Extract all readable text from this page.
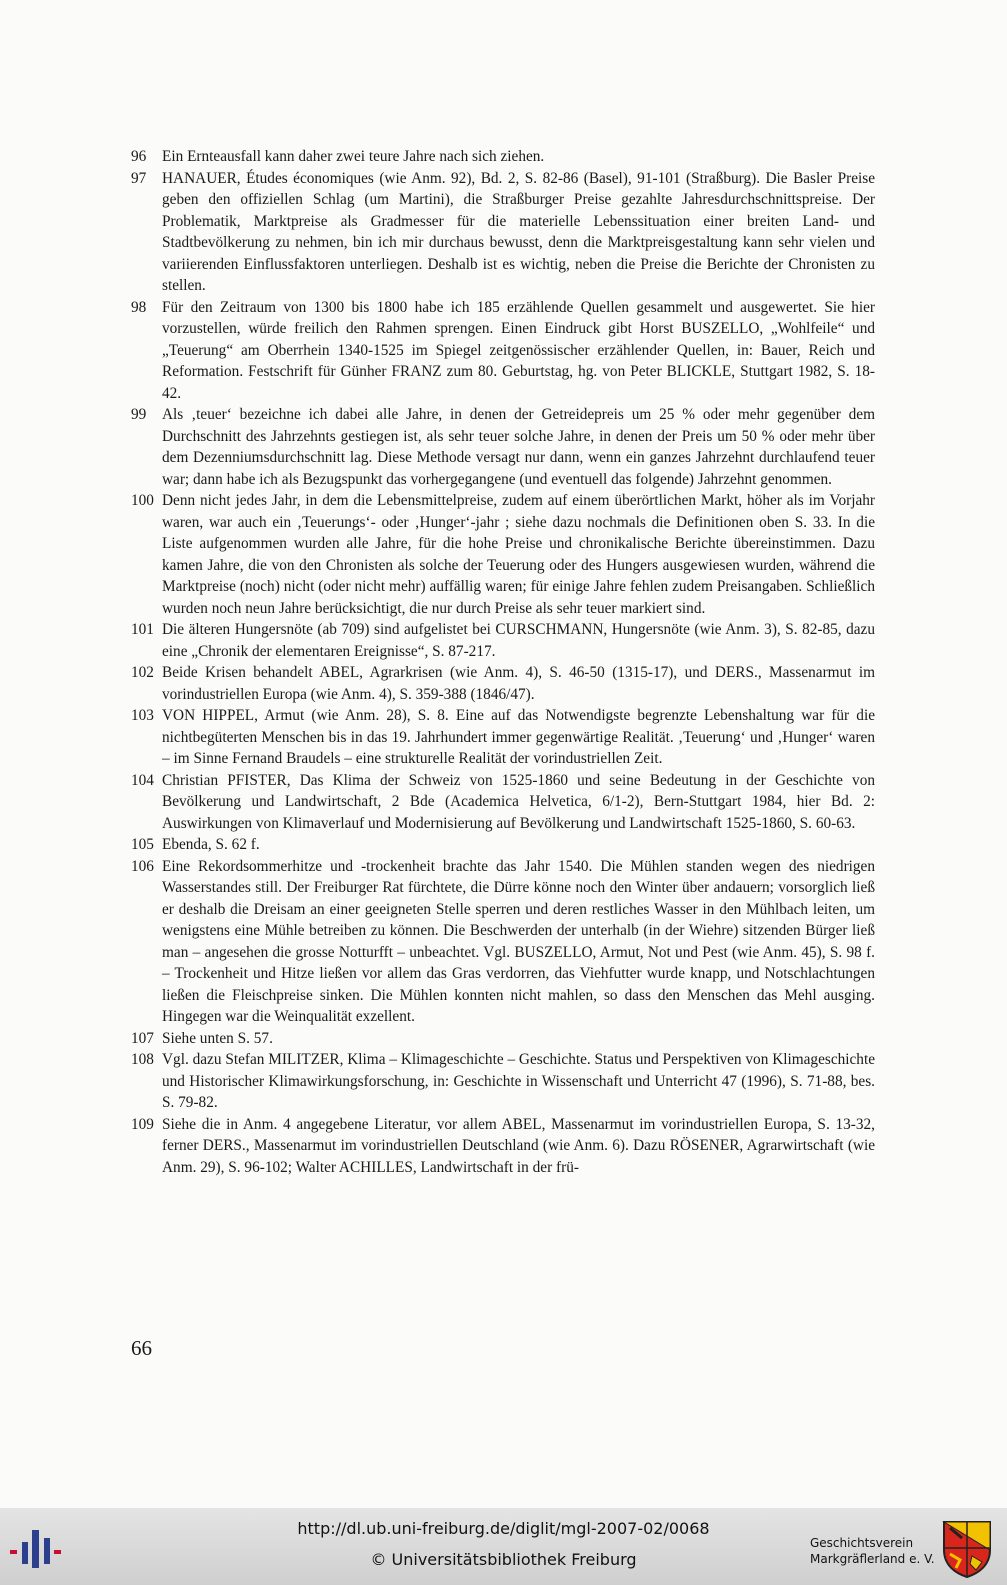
96	Ein Ernteausfall kann daher zwei teure Jahre nach sich ziehen.
97	HANAUER, Études économiques (wie Anm. 92), Bd. 2, S. 82-86 (Basel), 91-101 (Straßburg). Die Basler Preise geben den offiziellen Schlag (um Martini), die Straßburger Preise gezahlte Jahresdurchschnittspreise. Der Problematik, Marktpreise als Gradmesser für die materielle Lebenssituation einer breiten Land- und Stadtbevölkerung zu nehmen, bin ich mir durchaus bewusst, denn die Marktpreisgestaltung kann sehr vielen und variierenden Einflussfaktoren unterliegen. Deshalb ist es wichtig, neben die Preise die Berichte der Chronisten zu stellen.
98	Für den Zeitraum von 1300 bis 1800 habe ich 185 erzählende Quellen gesammelt und ausgewertet. Sie hier vorzustellen, würde freilich den Rahmen sprengen. Einen Eindruck gibt Horst BUSZELLO, „Wohlfeile“ und „Teuerung“ am Oberrhein 1340-1525 im Spiegel zeitgenössischer erzählender Quellen, in: Bauer, Reich und Reformation. Festschrift für Günher FRANZ zum 80. Geburtstag, hg. von Peter BLICKLE, Stuttgart 1982, S. 18-42.
99	Als ‚teuer‘ bezeichne ich dabei alle Jahre, in denen der Getreidepreis um 25 % oder mehr gegenüber dem Durchschnitt des Jahrzehnts gestiegen ist, als sehr teuer solche Jahre, in denen der Preis um 50 % oder mehr über dem Dezenniumsdurchschnitt lag. Diese Methode versagt nur dann, wenn ein ganzes Jahrzehnt durchlaufend teuer war; dann habe ich als Bezugspunkt das vorhergegangene (und eventuell das folgende) Jahrzehnt genommen.
100 Denn nicht jedes Jahr, in dem die Lebensmittelpreise, zudem auf einem überörtlichen Markt, höher als im Vorjahr waren, war auch ein ‚Teuerungs‘- oder ‚Hunger‘-jahr ; siehe dazu nochmals die Definitionen oben S. 33. In die Liste aufgenommen wurden alle Jahre, für die hohe Preise und chronikalische Berichte übereinstimmen. Dazu kamen Jahre, die von den Chronisten als solche der Teuerung oder des Hungers ausgewiesen wurden, während die Marktpreise (noch) nicht (oder nicht mehr) auffällig waren; für einige Jahre fehlen zudem Preisangaben. Schließlich wurden noch neun Jahre berücksichtigt, die nur durch Preise als sehr teuer markiert sind.
101 Die älteren Hungersnöte (ab 709) sind aufgelistet bei CURSCHMANN, Hungersnöte (wie Anm. 3), S. 82-85, dazu eine „Chronik der elementaren Ereignisse“, S. 87-217.
102 Beide Krisen behandelt ABEL, Agrarkrisen (wie Anm. 4), S. 46-50 (1315-17), und DERS., Massenarmut im vorindustriellen Europa (wie Anm. 4), S. 359-388 (1846/47).
103 VON HIPPEL, Armut (wie Anm. 28), S. 8. Eine auf das Notwendigste begrenzte Lebenshaltung war für die nichtbegüterten Menschen bis in das 19. Jahrhundert immer gegenwärtige Realität. ‚Teuerung‘ und ‚Hunger‘ waren – im Sinne Fernand Braudels – eine strukturelle Realität der vorindustriellen Zeit.
104 Christian PFISTER, Das Klima der Schweiz von 1525-1860 und seine Bedeutung in der Geschichte von Bevölkerung und Landwirtschaft, 2 Bde (Academica Helvetica, 6/1-2), Bern-Stuttgart 1984, hier Bd. 2: Auswirkungen von Klimaverlauf und Modernisierung auf Bevölkerung und Landwirtschaft 1525-1860, S. 60-63.
105 Ebenda, S. 62 f.
106 Eine Rekordsommerhitze und -trockenheit brachte das Jahr 1540. Die Mühlen standen wegen des niedrigen Wasserstandes still. Der Freiburger Rat fürchtete, die Dürre könne noch den Winter über andauern; vorsorglich ließ er deshalb die Dreisam an einer geeigneten Stelle sperren und deren restliches Wasser in den Mühlbach leiten, um wenigstens eine Mühle betreiben zu können. Die Beschwerden der unterhalb (in der Wiehre) sitzenden Bürger ließ man – angesehen die grosse Notturfft – unbeachtet. Vgl. BUSZELLO, Armut, Not und Pest (wie Anm. 45), S. 98 f. – Trockenheit und Hitze ließen vor allem das Gras verdorren, das Viehfutter wurde knapp, und Notschlachtungen ließen die Fleischpreise sinken. Die Mühlen konnten nicht mahlen, so dass den Menschen das Mehl ausging. Hingegen war die Weinqualität exzellent.
107 Siehe unten S. 57.
108 Vgl. dazu Stefan MILITZER, Klima – Klimageschichte – Geschichte. Status und Perspektiven von Klimageschichte und Historischer Klimawirkungsforschung, in: Geschichte in Wissenschaft und Unterricht 47 (1996), S. 71-88, bes. S. 79-82.
109 Siehe die in Anm. 4 angegebene Literatur, vor allem ABEL, Massenarmut im vorindustriellen Europa, S. 13-32, ferner DERS., Massenarmut im vorindustriellen Deutschland (wie Anm. 6). Dazu RÖSENER, Agrarwirtschaft (wie Anm. 29), S. 96-102; Walter ACHILLES, Landwirtschaft in der frü-
66
http://dl.ub.uni-freiburg.de/diglit/mgl-2007-02/0068
© Universitätsbibliothek Freiburg
Geschichtsverein
Markgräflerland e. V.
